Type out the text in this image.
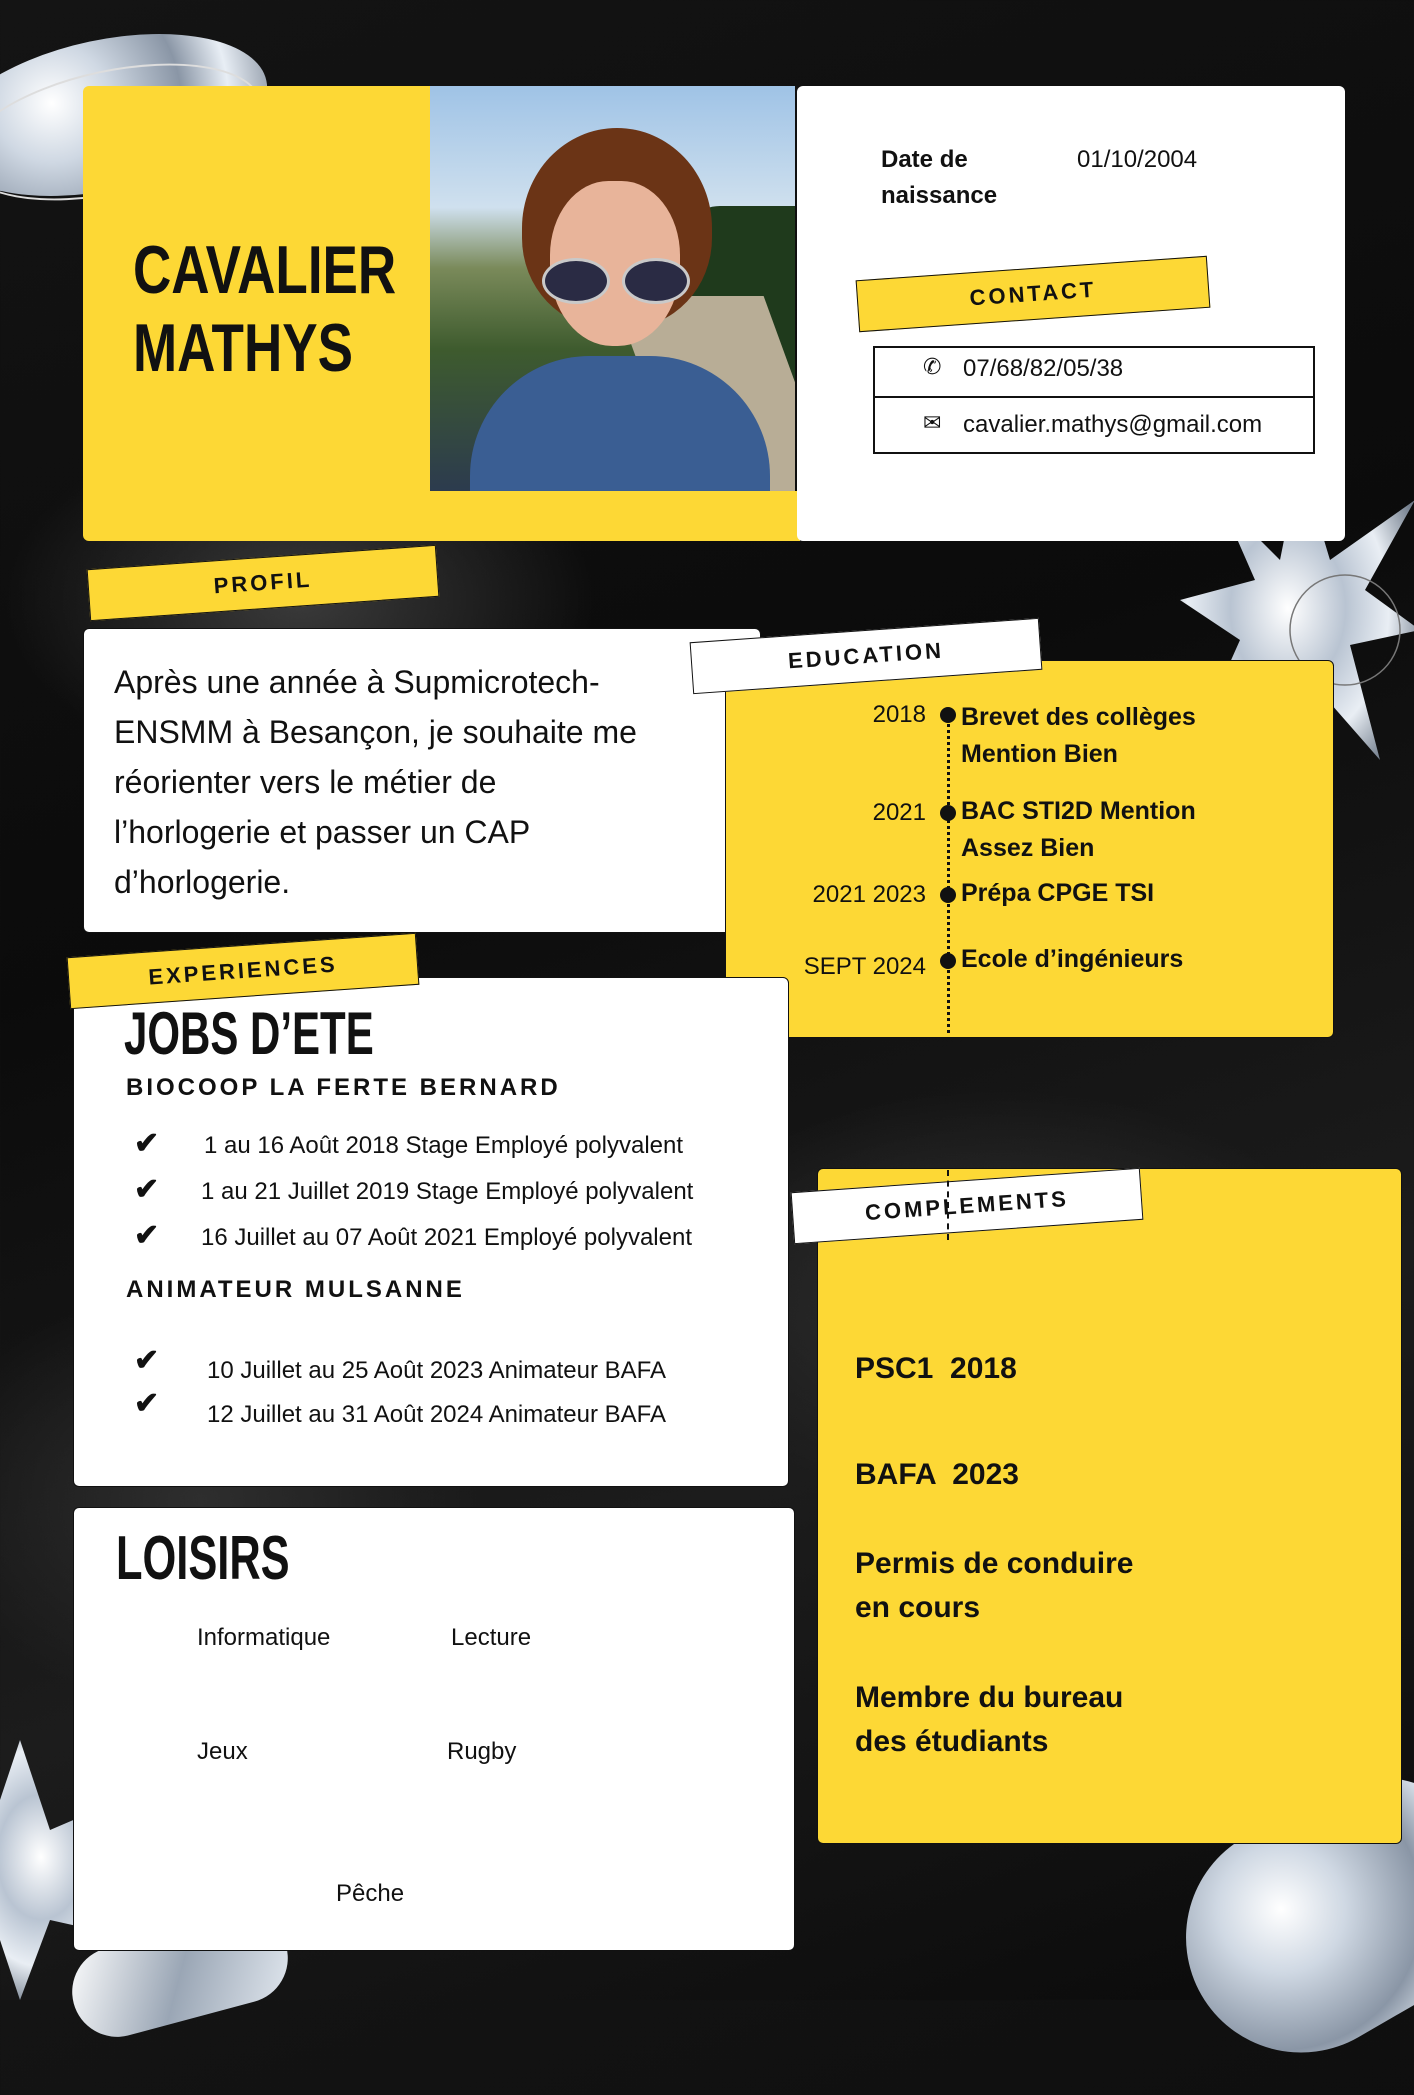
CAVALIER
MATHYS
Date de
naissance
01/10/2004
✆ 07/68/82/05/38
✉ cavalier.mathys@gmail.com
CONTACT
Après une année à Supmicrotech-
ENSMM à Besançon, je souhaite me
réorienter vers le métier de
l’horlogerie et passer un CAP
d’horlogerie.
PROFIL
2018 Brevet des collèges
Mention Bien
2021 BAC STI2D Mention
Assez Bien
2021 2023 Prépa CPGE TSI
SEPT 2024 Ecole d’ingénieurs
EDUCATION
JOBS D’ETE
BIOCOOP LA FERTE BERNARD
✔ 1 au 16 Août 2018 Stage Employé polyvalent
✔ 1 au 21 Juillet 2019 Stage Employé polyvalent
✔ 16 Juillet au 07 Août 2021 Employé polyvalent
ANIMATEUR MULSANNE
✔ 10 Juillet au 25 Août 2023 Animateur BAFA
✔ 12 Juillet au 31 Août 2024 Animateur BAFA
EXPERIENCES
LOISIRS
Informatique	Lecture
Jeux	Rugby
Pêche
PSC1  2018
BAFA  2023
Permis de conduire
en cours
Membre du bureau
des étudiants
COMPLEMENTS
